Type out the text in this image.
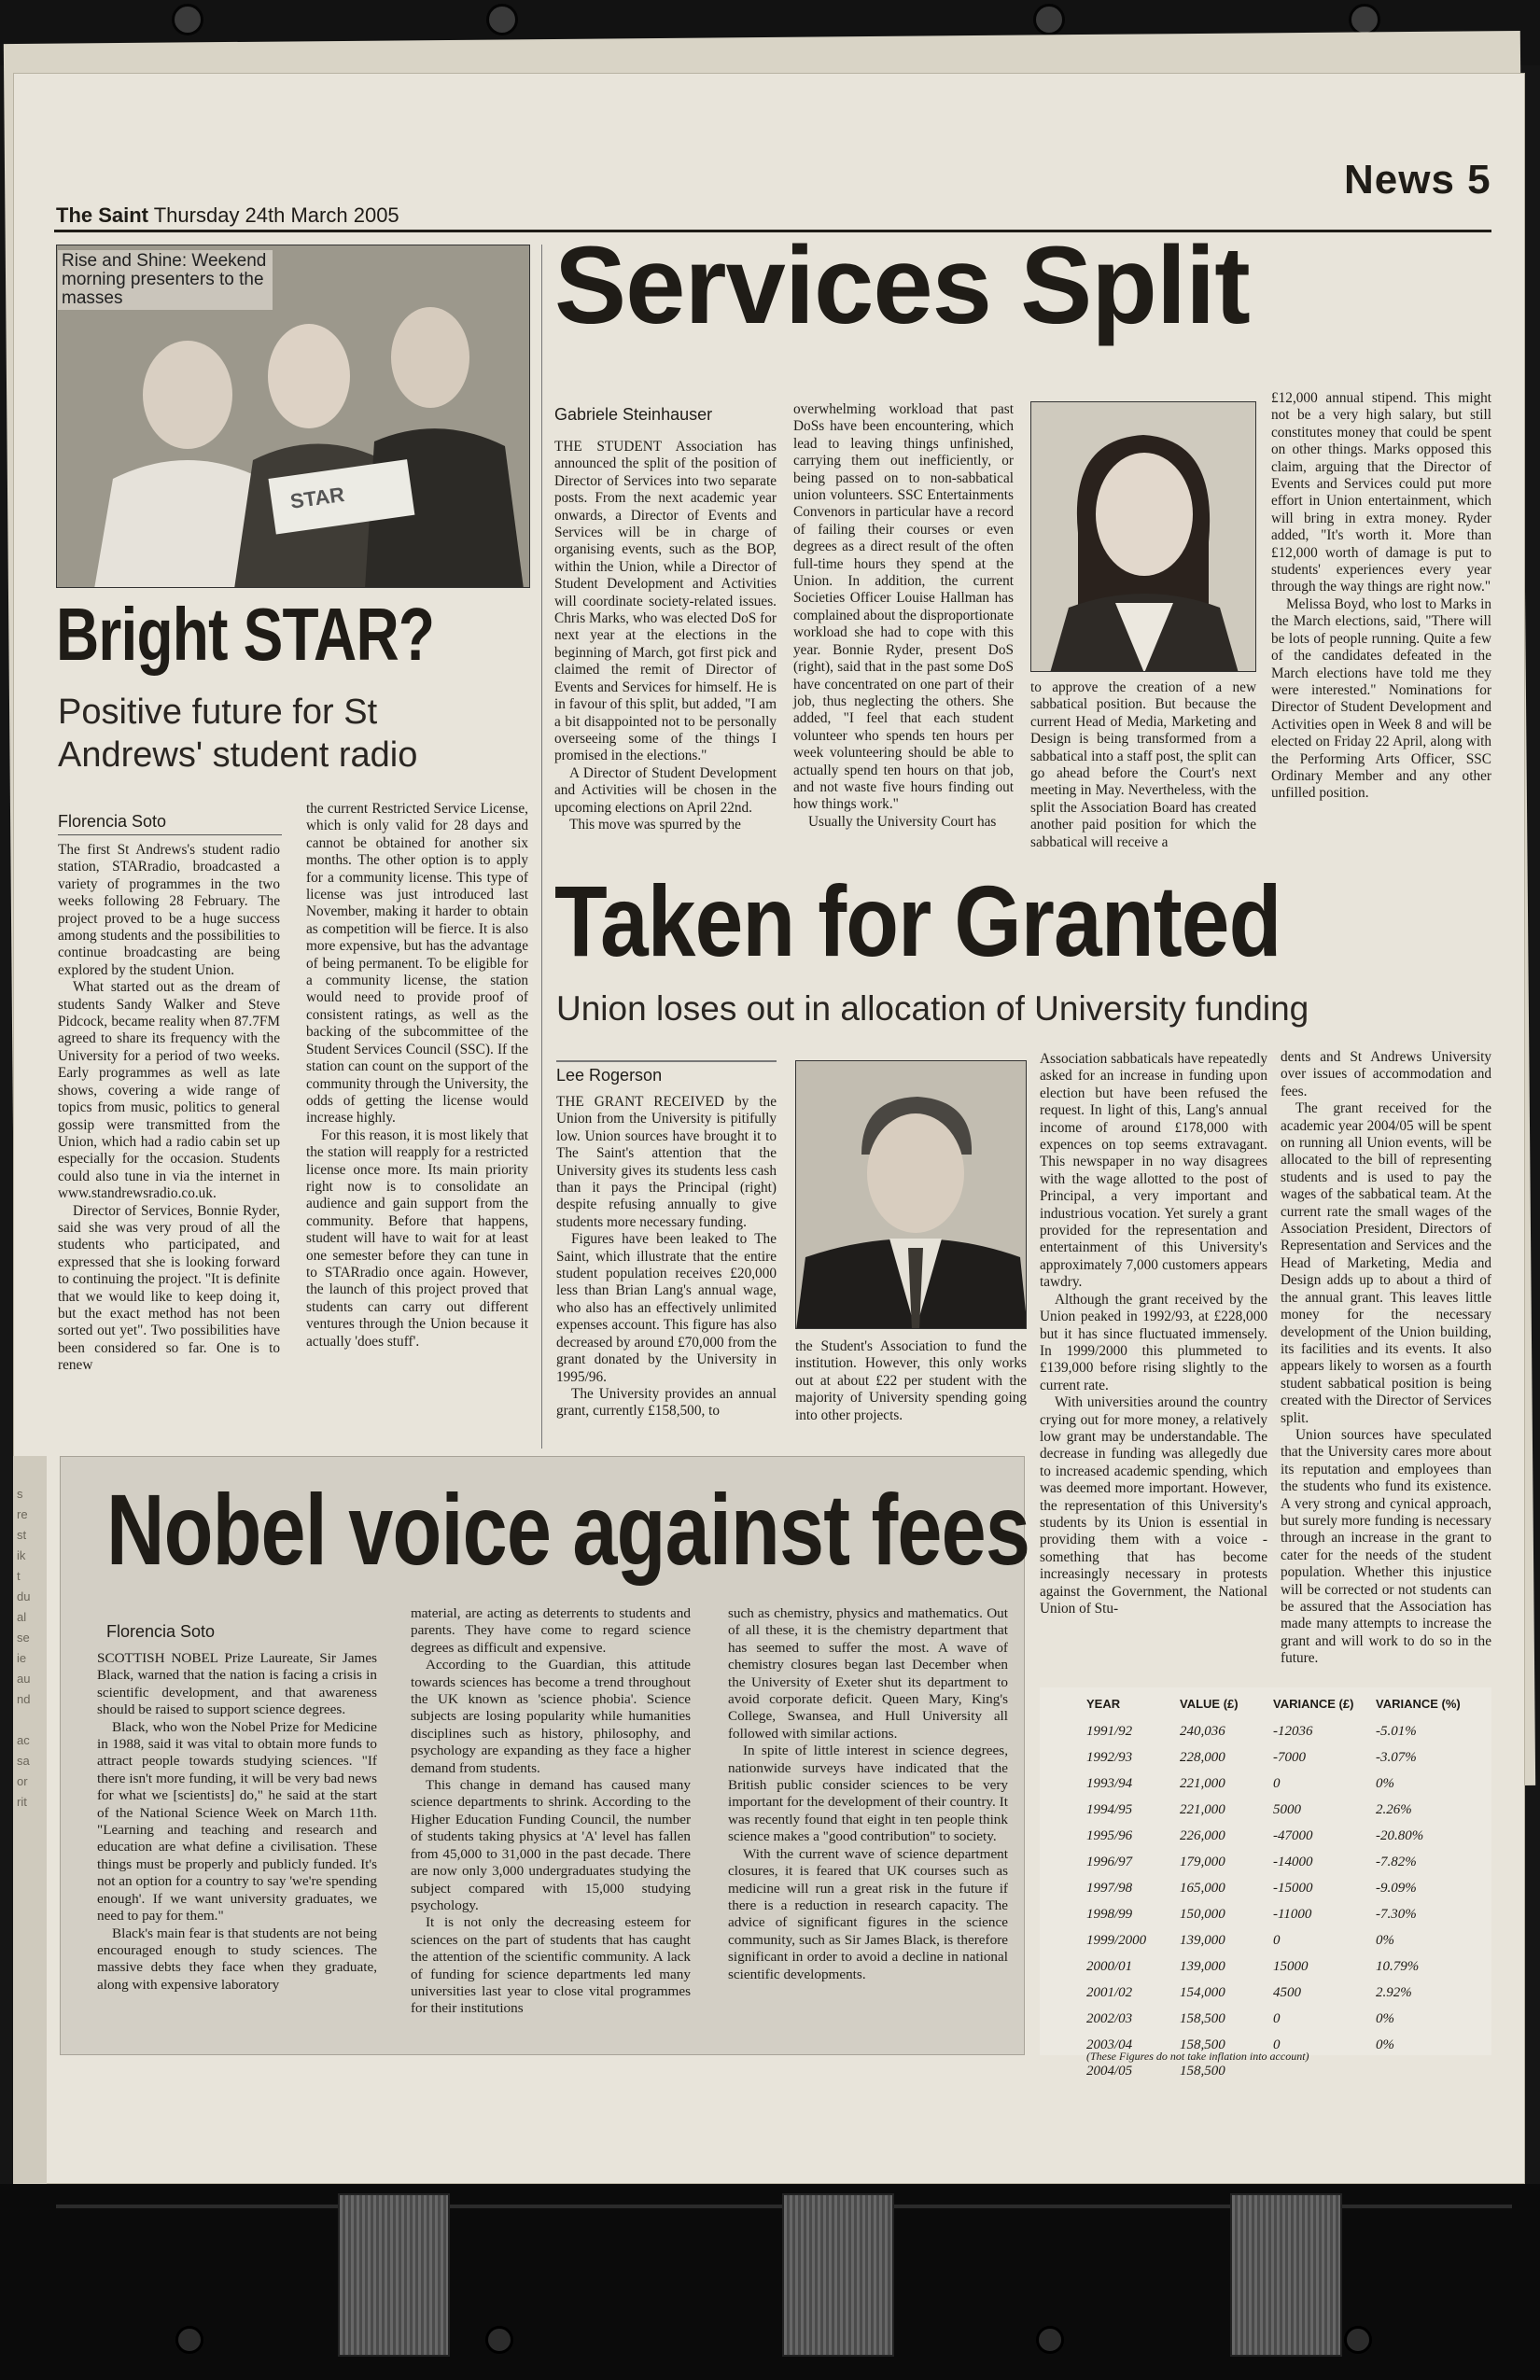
s
re
st
ik
t
du
al
se
ie
au
nd

ac
sa
or
rit
The Saint Thursday 24th March 2005
News 5
STAR
Rise and Shine: Weekend morning presenters to the masses
Bright STAR?
Positive future for St Andrews' student radio
Florencia Soto

The first St Andrews's student radio station, STARradio, broadcasted a variety of programmes in the two weeks following 28 February. The project proved to be a huge success among students and the possibilities to continue broadcasting are being explored by the student Union.

What started out as the dream of students Sandy Walker and Steve Pidcock, became reality when 87.7FM agreed to share its frequency with the University for a period of two weeks. Early programmes as well as late shows, covering a wide range of topics from music, politics to general gossip were transmitted from the Union, which had a radio cabin set up especially for the occasion. Students could also tune in via the internet in www.standrewsradio.co.uk.

Director of Services, Bonnie Ryder, said she was very proud of all the students who participated, and expressed that she is looking forward to continuing the project. "It is definite that we would like to keep doing it, but the exact method has not been sorted out yet". Two possibilities have been considered so far. One is to renew

the current Restricted Service License, which is only valid for 28 days and cannot be obtained for another six months. The other option is to apply for a community license. This type of license was just introduced last November, making it harder to obtain as competition will be fierce. It is also more expensive, but has the advantage of being permanent. To be eligible for a community license, the station would need to provide proof of consistent ratings, as well as the backing of the subcommittee of the Student Services Council (SSC). If the station can count on the support of the community through the University, the odds of getting the license would increase highly.

For this reason, it is most likely that the station will reapply for a restricted license once more. Its main priority right now is to consolidate an audience and gain support from the community. Before that happens, student will have to wait for at least one semester before they can tune in to STARradio once again. However, the launch of this project proved that students can carry out different ventures through the Union because it actually 'does stuff'.

Services Split
Gabriele Steinhauser

THE STUDENT Association has announced the split of the position of Director of Services into two separate posts. From the next academic year onwards, a Director of Events and Services will be in charge of organising events, such as the BOP, within the Union, while a Director of Student Development and Activities will coordinate society-related issues. Chris Marks, who was elected DoS for next year at the elections in the beginning of March, got first pick and claimed the remit of Director of Events and Services for himself. He is in favour of this split, but added, "I am a bit disappointed not to be personally overseeing some of the things I promised in the elections."

A Director of Student Development and Activities will be chosen in the upcoming elections on April 22nd.

This move was spurred by the

overwhelming workload that past DoSs have been encountering, which lead to leaving things unfinished, carrying them out inefficiently, or being passed on to non-sabbatical union volunteers. SSC Entertainments Convenors in particular have a record of failing their courses or even degrees as a direct result of the often full-time hours they spend at the Union. In addition, the current Societies Officer Louise Hallman has complained about the disproportionate workload she had to cope with this year. Bonnie Ryder, present DoS (right), said that in the past some DoS have concentrated on one part of their job, thus neglecting the others. She added, "I feel that each student volunteer who spends ten hours per week volunteering should be able to actually spend ten hours on that job, and not waste five hours finding out how things work."

Usually the University Court has

to approve the creation of a new sabbatical position. But because the current Head of Media, Marketing and Design is being transformed from a sabbatical into a staff post, the split can go ahead before the Court's next meeting in May. Nevertheless, with the split the Association Board has created another paid position for which the sabbatical will receive a

£12,000 annual stipend. This might not be a very high salary, but still constitutes money that could be spent on other things. Marks opposed this claim, arguing that the Director of Events and Services could put more effort in Union entertainment, which will bring in extra money. Ryder added, "It's worth it. More than £12,000 worth of damage is put to students' experiences every year through the way things are right now."

Melissa Boyd, who lost to Marks in the March elections, said, "There will be lots of people running. Quite a few of the candidates defeated in the March elections have told me they were interested." Nominations for Director of Student Development and Activities open in Week 8 and will be elected on Friday 22 April, along with the Performing Arts Officer, SSC Ordinary Member and any other unfilled position.

Taken for Granted
Union loses out in allocation of University funding
Lee Rogerson

THE GRANT RECEIVED by the Union from the University is pitifully low. Union sources have brought it to The Saint's attention that the University gives its students less cash than it pays the Principal (right) despite refusing annually to give students more necessary funding.

Figures have been leaked to The Saint, which illustrate that the entire student population receives £20,000 less than Brian Lang's annual wage, who also has an effectively unlimited expenses account. This figure has also decreased by around £70,000 from the grant donated by the University in 1995/96.

The University provides an annual grant, currently £158,500, to

the Student's Association to fund the institution. However, this only works out at about £22 per student with the majority of University spending going into other projects.

Association sabbaticals have repeatedly asked for an increase in funding upon election but have been refused the request. In light of this, Lang's annual income of around £178,000 with expences on top seems extravagant. This newspaper in no way disagrees with the wage allotted to the post of Principal, a very important and industrious vocation. Yet surely a grant provided for the representation and entertainment of this University's approximately 7,000 customers appears tawdry.

Although the grant received by the Union peaked in 1992/93, at £228,000 but it has since fluctuated immensely. In 1999/2000 this plummeted to £139,000 before rising slightly to the current rate.

With universities around the country crying out for more money, a relatively low grant may be understandable. The decrease in funding was allegedly due to increased academic spending, which was deemed more important. However, the representation of this University's students by its Union is essential in providing them with a voice - something that has become increasingly necessary in protests against the Government, the National Union of Stu-

dents and St Andrews University over issues of accommodation and fees.

The grant received for the academic year 2004/05 will be spent on running all Union events, will be allocated to the bill of representing students and is used to pay the wages of the sabbatical team. At the current rate the small wages of the Association President, Directors of Representation and Services and the Head of Marketing, Media and Design adds up to about a third of the annual grant. This leaves little money for the necessary development of the Union building, its facilities and its events. It also appears likely to worsen as a fourth student sabbatical position is being created with the Director of Services split.

Union sources have speculated that the University cares more about its reputation and employees than the students who fund its existence. A very strong and cynical approach, but surely more funding is necessary through an increase in the grant to cater for the needs of the student population. Whether this injustice will be corrected or not students can be assured that the Association has made many attempts to increase the grant and will work to do so in the future.

Nobel voice against fees
Florencia Soto

SCOTTISH NOBEL Prize Laureate, Sir James Black, warned that the nation is facing a crisis in scientific development, and that awareness should be raised to support science degrees.

Black, who won the Nobel Prize for Medicine in 1988, said it was vital to obtain more funds to attract people towards studying sciences. "If there isn't more funding, it will be very bad news for what we [scientists] do," he said at the start of the National Science Week on March 11th. "Learning and teaching and research and education are what define a civilisation. These things must be properly and publicly funded. It's not an option for a country to say 'we're spending enough'. If we want university graduates, we need to pay for them."

Black's main fear is that students are not being encouraged enough to study sciences. The massive debts they face when they graduate, along with expensive laboratory

material, are acting as deterrents to students and parents. They have come to regard science degrees as difficult and expensive.

According to the Guardian, this attitude towards sciences has become a trend throughout the UK known as 'science phobia'. Science subjects are losing popularity while humanities disciplines such as history, philosophy, and psychology are expanding as they face a higher demand from students.

This change in demand has caused many science departments to shrink. According to the Higher Education Funding Council, the number of students taking physics at 'A' level has fallen from 45,000 to 31,000 in the past decade. There are now only 3,000 undergraduates studying the subject compared with 15,000 studying psychology.

It is not only the decreasing esteem for sciences on the part of students that has caught the attention of the scientific community. A lack of funding for science departments led many universities last year to close vital programmes for their institutions

such as chemistry, physics and mathematics. Out of all these, it is the chemistry department that has seemed to suffer the most. A wave of chemistry closures began last December when the University of Exeter shut its department to avoid corporate deficit. Queen Mary, King's College, Swansea, and Hull University all followed with similar actions.

In spite of little interest in science degrees, nationwide surveys have indicated that the British public consider sciences to be very important for the development of their country. It was recently found that eight in ten people think science makes a "good contribution" to society.

With the current wave of science department closures, it is feared that UK courses such as medicine will run a great risk in the future if there is a reduction in research capacity. The advice of significant figures in the science community, such as Sir James Black, is therefore significant in order to avoid a decline in national scientific developments.

YEAR	VALUE (£)	VARIANCE (£)	VARIANCE (%)
1991/92	240,036	-12036	-5.01%
1992/93	228,000	-7000	-3.07%
1993/94	221,000	0	0%
1994/95	221,000	5000	2.26%
1995/96	226,000	-47000	-20.80%
1996/97	179,000	-14000	-7.82%
1997/98	165,000	-15000	-9.09%
1998/99	150,000	-11000	-7.30%
1999/2000	139,000	0	0%
2000/01	139,000	15000	10.79%
2001/02	154,000	4500	2.92%
2002/03	158,500	0	0%
2003/04	158,500	0	0%
2004/05	158,500		
(These Figures do not take inflation into account)
